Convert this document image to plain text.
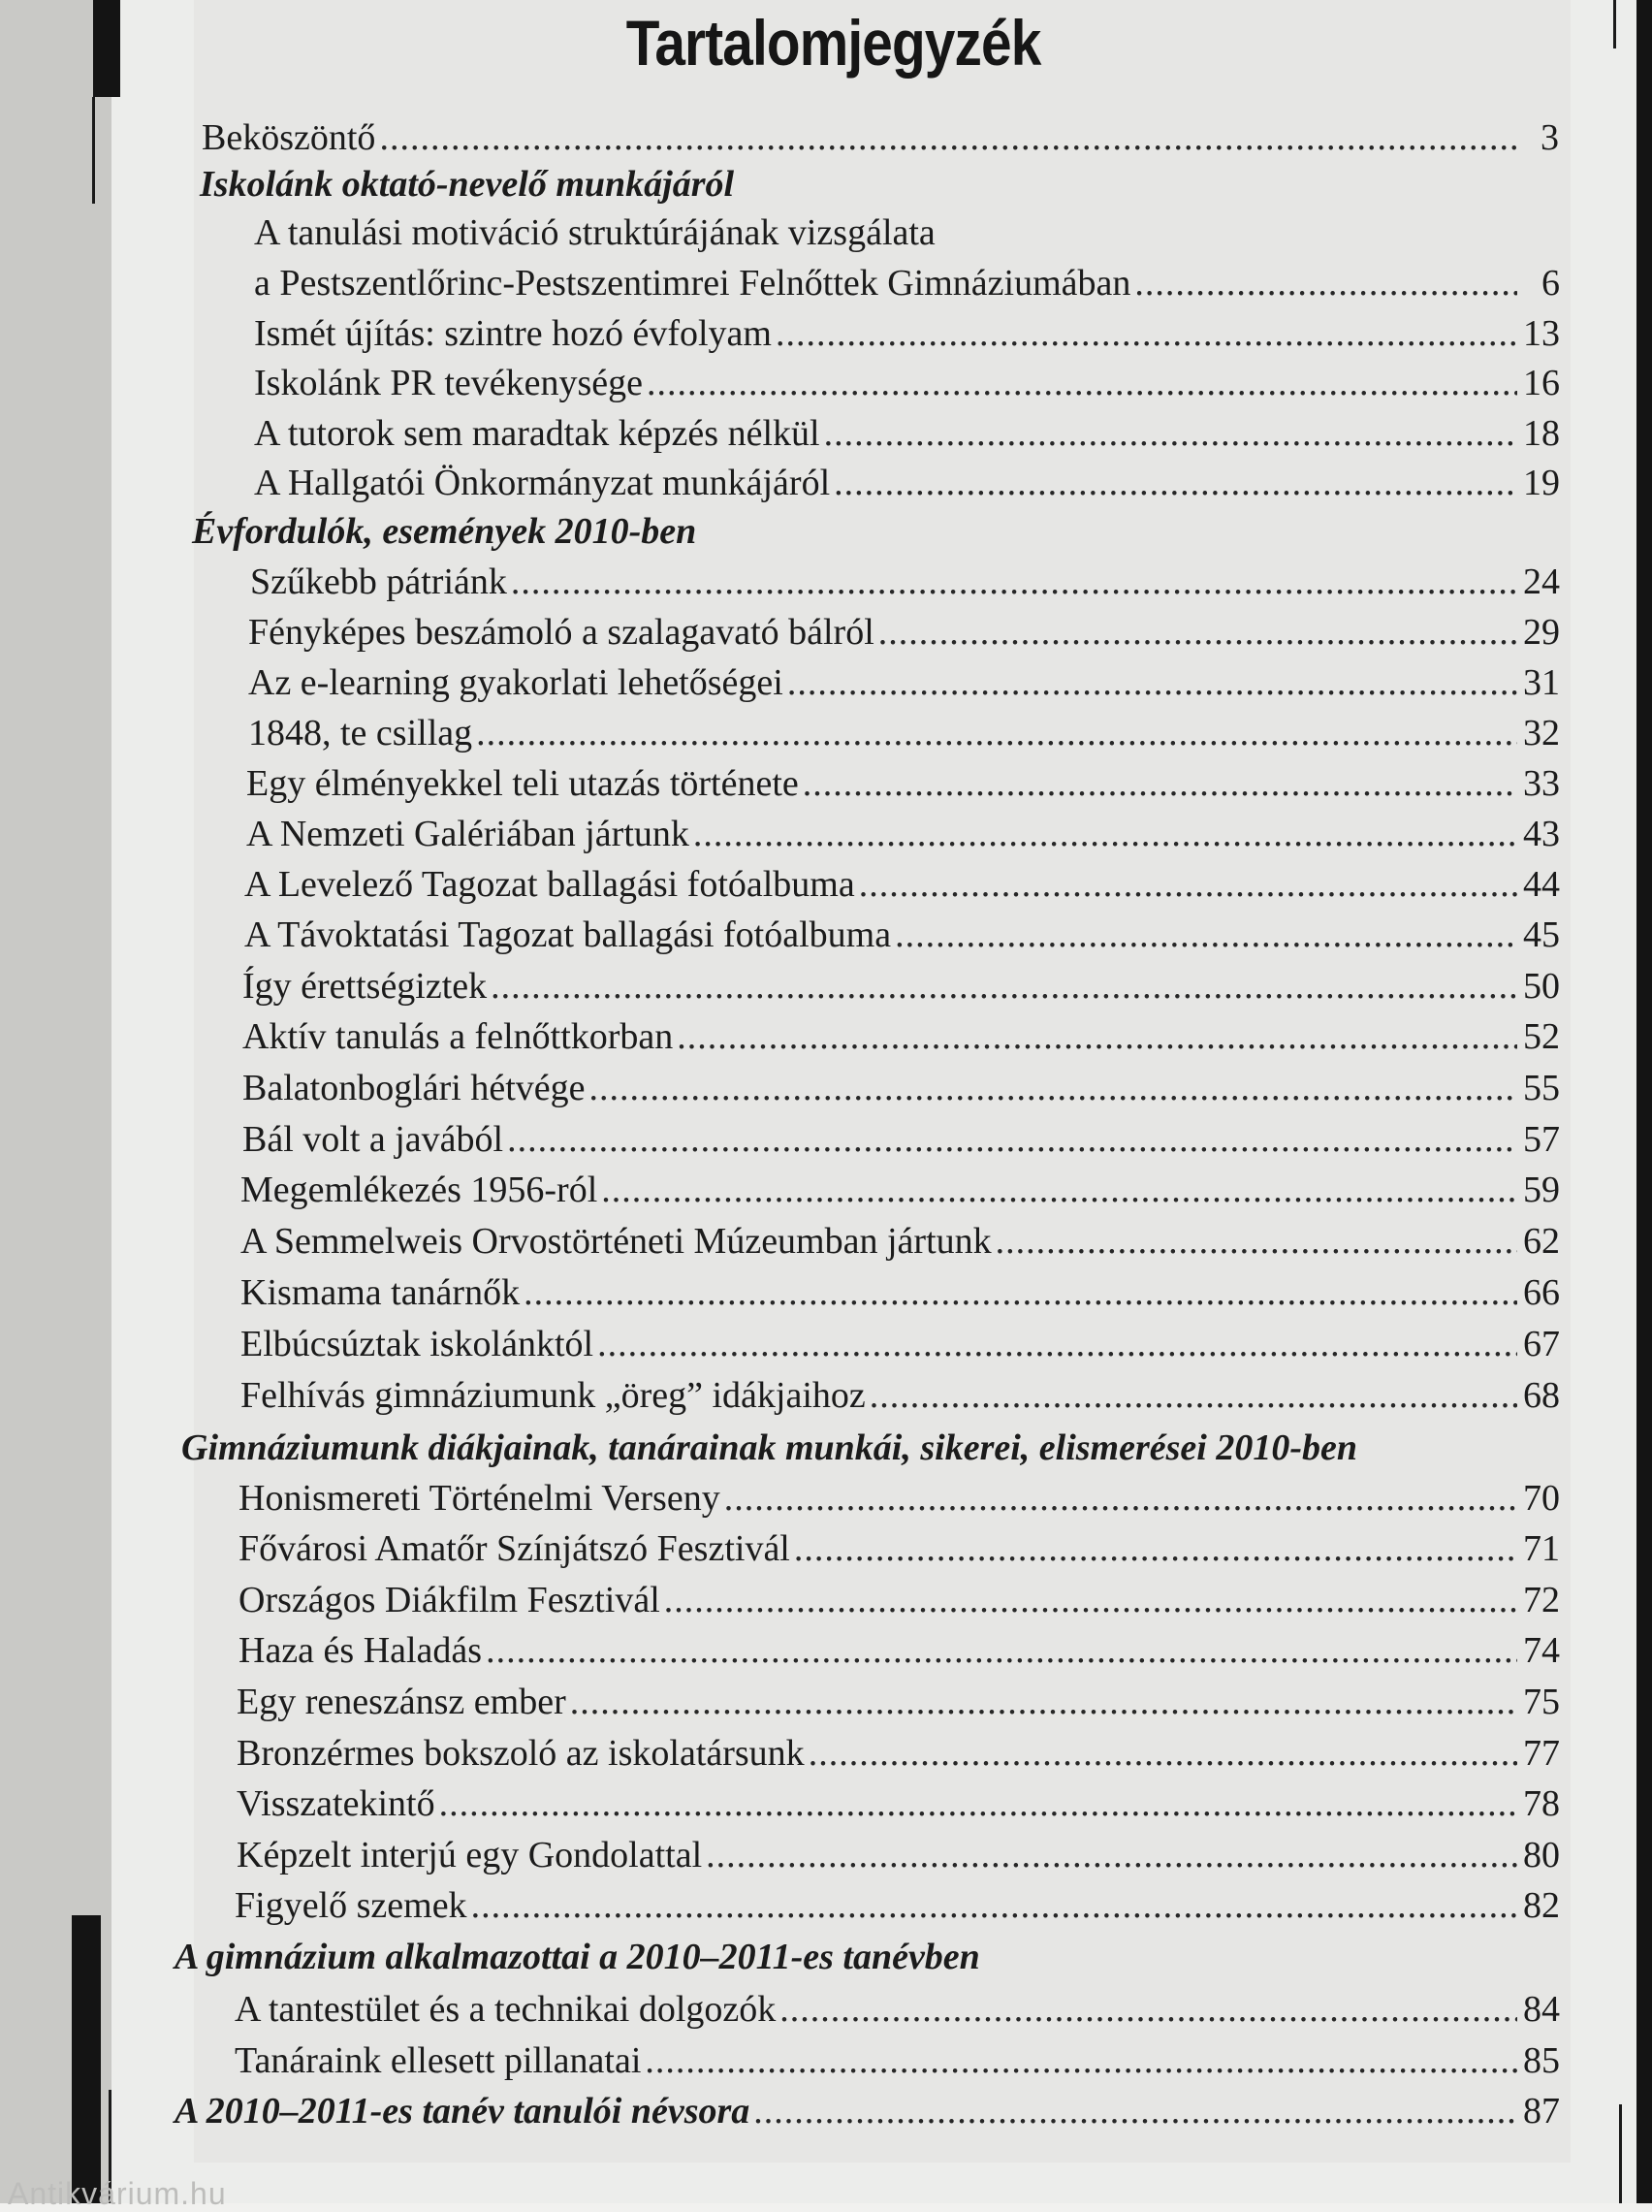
Tartalomjegyzék
Beköszöntő .....	3
Iskolánk oktató-nevelő munkájáról
A tanulási motiváció struktúrájának vizsgálata
a Pestszentlőrinc-Pestszentimrei Felnőttek Gimnáziumában .....	6
Ismét újítás: szintre hozó évfolyam .....	13
Iskolánk PR tevékenysége .....	16
A tutorok sem maradtak képzés nélkül .....	18
A Hallgatói Önkormányzat munkájáról .....	19
Évfordulók, események 2010-ben
Szűkebb pátriánk .....	24
Fényképes beszámoló a szalagavató bálról .....	29
Az e-learning gyakorlati lehetőségei .....	31
1848, te csillag .....	32
Egy élményekkel teli utazás története .....	33
A Nemzeti Galériában jártunk .....	43
A Levelező Tagozat ballagási fotóalbuma .....	44
A Távoktatási Tagozat ballagási fotóalbuma .....	45
Így érettségiztek .....	50
Aktív tanulás a felnőttkorban .....	52
Balatonboglári hétvége .....	55
Bál volt a javából .....	57
Megemlékezés 1956-ról .....	59
A Semmelweis Orvostörténeti Múzeumban jártunk .....	62
Kismama tanárnők .....	66
Elbúcsúztak iskolánktól .....	67
Felhívás gimnáziumunk „öreg” idákjaihoz .....	68
Gimnáziumunk diákjainak, tanárainak munkái, sikerei, elismerései 2010-ben
Honismereti Történelmi Verseny .....	70
Fővárosi Amatőr Színjátszó Fesztivál .....	71
Országos Diákfilm Fesztivál .....	72
Haza és Haladás .....	74
Egy reneszánsz ember .....	75
Bronzérmes bokszoló az iskolatársunk .....	77
Visszatekintő .....	78
Képzelt interjú egy Gondolattal .....	80
Figyelő szemek .....	82
A gimnázium alkalmazottai a 2010–2011-es tanévben
A tantestület és a technikai dolgozók .....	84
Tanáraink ellesett pillanatai .....	85
A 2010–2011-es tanév tanulói névsora .....	87
Antikvárium.hu
